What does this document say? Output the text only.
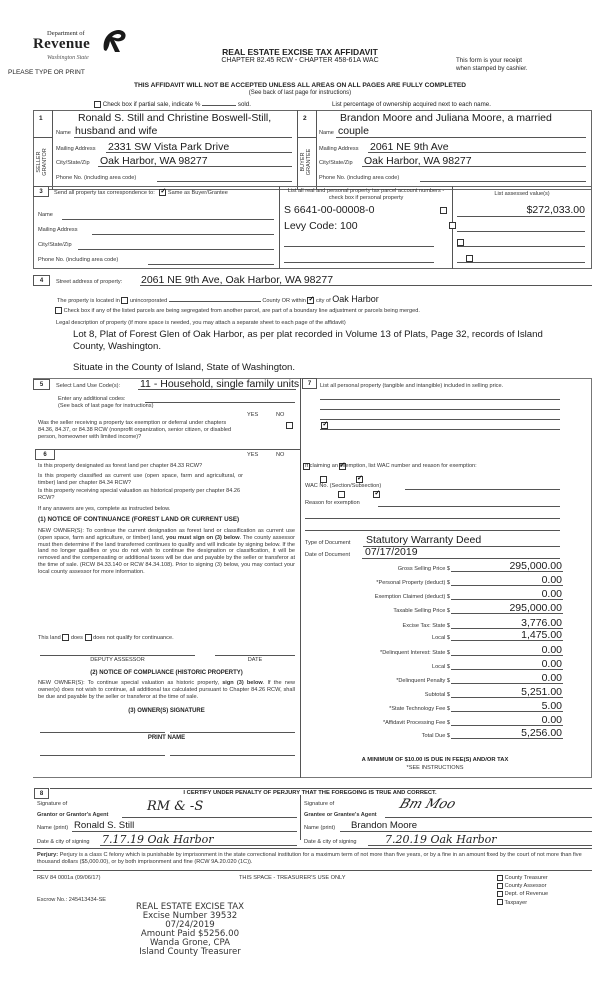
Department of
Revenue
Washington State
PLEASE TYPE OR PRINT
REAL ESTATE EXCISE TAX AFFIDAVIT
CHAPTER 82.45 RCW - CHAPTER 458-61A WAC	This form is your receipt
when stamped by cashier.
THIS AFFIDAVIT WILL NOT BE ACCEPTED UNLESS ALL AREAS ON ALL PAGES ARE FULLY COMPLETED
(See back of last page for instructions)
Check box if partial sale, indicate %	sold.	List percentage of ownership acquired next to each name.
1
SELLER GRANTOR
Ronald S. Still and Christine Boswell-Still,
Name husband and wife
Mailing Address 2331 SW Vista Park Drive
City/State/Zip Oak Harbor, WA 98277
Phone No. (including area code)
2
BUYER GRANTEE
Brandon Moore and Juliana Moore, a married
Name couple
Mailing Address 2061 NE 9th Ave
City/State/Zip Oak Harbor, WA 98277
Phone No. (including area code)
3	Send all property tax correspondence to: ✓ Same as Buyer/Grantee
Name
Mailing Address
City/State/Zip
Phone No. (including area code)
List all real and personal property tax parcel account numbers - check box if personal property
List assessed value(s)
S 6641-00-00008-0
	$272,033.00
Levy Code: 100

4	Street address of property: 2061 NE 9th Ave, Oak Harbor, WA 98277
The property is located in unincorporated	County OR within ✓ city of Oak Harbor
Check box if any of the listed parcels are being segregated from another parcel, are part of a boundary line adjustment or parcels being merged.
Legal description of property (if more space is needed, you may attach a separate sheet to each page of the affidavit)
Lot 8, Plat of Forest Glen of Oak Harbor, as per plat recorded in Volume 13 of Plats, Page 32, records of Island
County, Washington.
Situate in the County of Island, State of Washington.
5	Select Land Use Code(s): 11 - Household, single family units
Enter any additional codes:
(See back of last page for instructions)
YES	NO
Was the seller receiving a property tax exemption or deferral under chapters 84.36, 84.37, or 84.38 RCW (nonprofit organization, senior citizen, or disabled person, homeowner with limited income)?
✓
6	YES	NO
Is this property designated as forest land per chapter 84.33 RCW?
✓
Is this property classified as current use (open space, farm and agricultural, or timber) land per chapter 84.34 RCW?
✓
Is this property receiving special valuation as historical property per chapter 84.26 RCW?
✓
If any answers are yes, complete as instructed below.
(1) NOTICE OF CONTINUANCE (FOREST LAND OR CURRENT USE)
NEW OWNER(S): To continue the current designation as forest land or classification as current use (open space, farm and agriculture, or timber) land, you must sign on (3) below. The county assessor must then determine if the land transferred continues to qualify and will indicate by signing below. If the land no longer qualifies or you do not wish to continue the designation or classification, it will be removed and the compensating or additional taxes will be due and payable by the seller or transferor at the time of sale. (RCW 84.33.140 or RCW 84.34.108). Prior to signing (3) below, you may contact your local county assessor for more information.
This land does does not qualify for continuance.
DEPUTY ASSESSOR	DATE
(2) NOTICE OF COMPLIANCE (HISTORIC PROPERTY)
NEW OWNER(S): To continue special valuation as historic property, sign (3) below. If the new owner(s) does not wish to continue, all additional tax calculated pursuant to Chapter 84.26 RCW, shall be due and payable by the seller or transferor at the time of sale.
(3) OWNER(S) SIGNATURE
PRINT NAME
7	List all personal property (tangible and intangible) included in selling price.
If claiming an exemption, list WAC number and reason for exemption:
WAC No. (Section/Subsection)
Reason for exemption
Type of Document Statutory Warranty Deed
Date of Document 07/17/2019
Gross Selling Price $	295,000.00
*Personal Property (deduct) $	0.00
Exemption Claimed (deduct) $	0.00
Taxable Selling Price $	295,000.00
Excise Tax: State $	3,776.00
Local $	1,475.00
*Delinquent Interest: State $	0.00
Local $	0.00
*Delinquent Penalty $	0.00
Subtotal $	5,251.00
*State Technology Fee $	5.00
*Affidavit Processing Fee $	0.00
Total Due $	5,256.00
A MINIMUM OF $10.00 IS DUE IN FEE(S) AND/OR TAX
*SEE INSTRUCTIONS
8	I CERTIFY UNDER PENALTY OF PERJURY THAT THE FOREGOING IS TRUE AND CORRECT.
Signature of
Grantor or Grantor's Agent
RM & -S
Name (print) Ronald S. Still
Date & city of signing 7.17.19 Oak Harbor
Signature of
Grantee or Grantee's Agent
Bm Moo
Name (print) Brandon Moore
Date & city of signing	7.20.19 Oak Harbor
Perjury: Perjury is a class C felony which is punishable by imprisonment in the state correctional institution for a maximum term of not more than five years, or by a fine in an amount fixed by the court of not more than five thousand dollars ($5,000.00), or by both imprisonment and fine (RCW 9A.20.020 (1C)).
REV 84 0001a (09/06/17)	THIS SPACE - TREASURER'S USE ONLY
Escrow No.: 245413434-SE
County Treasurer
County Assessor
Dept. of Revenue
Taxpayer
REAL ESTATE EXCISE TAX
Excise Number 39532
07/24/2019
Amount Paid $5256.00
Wanda Grone, CPA
Island County Treasurer
